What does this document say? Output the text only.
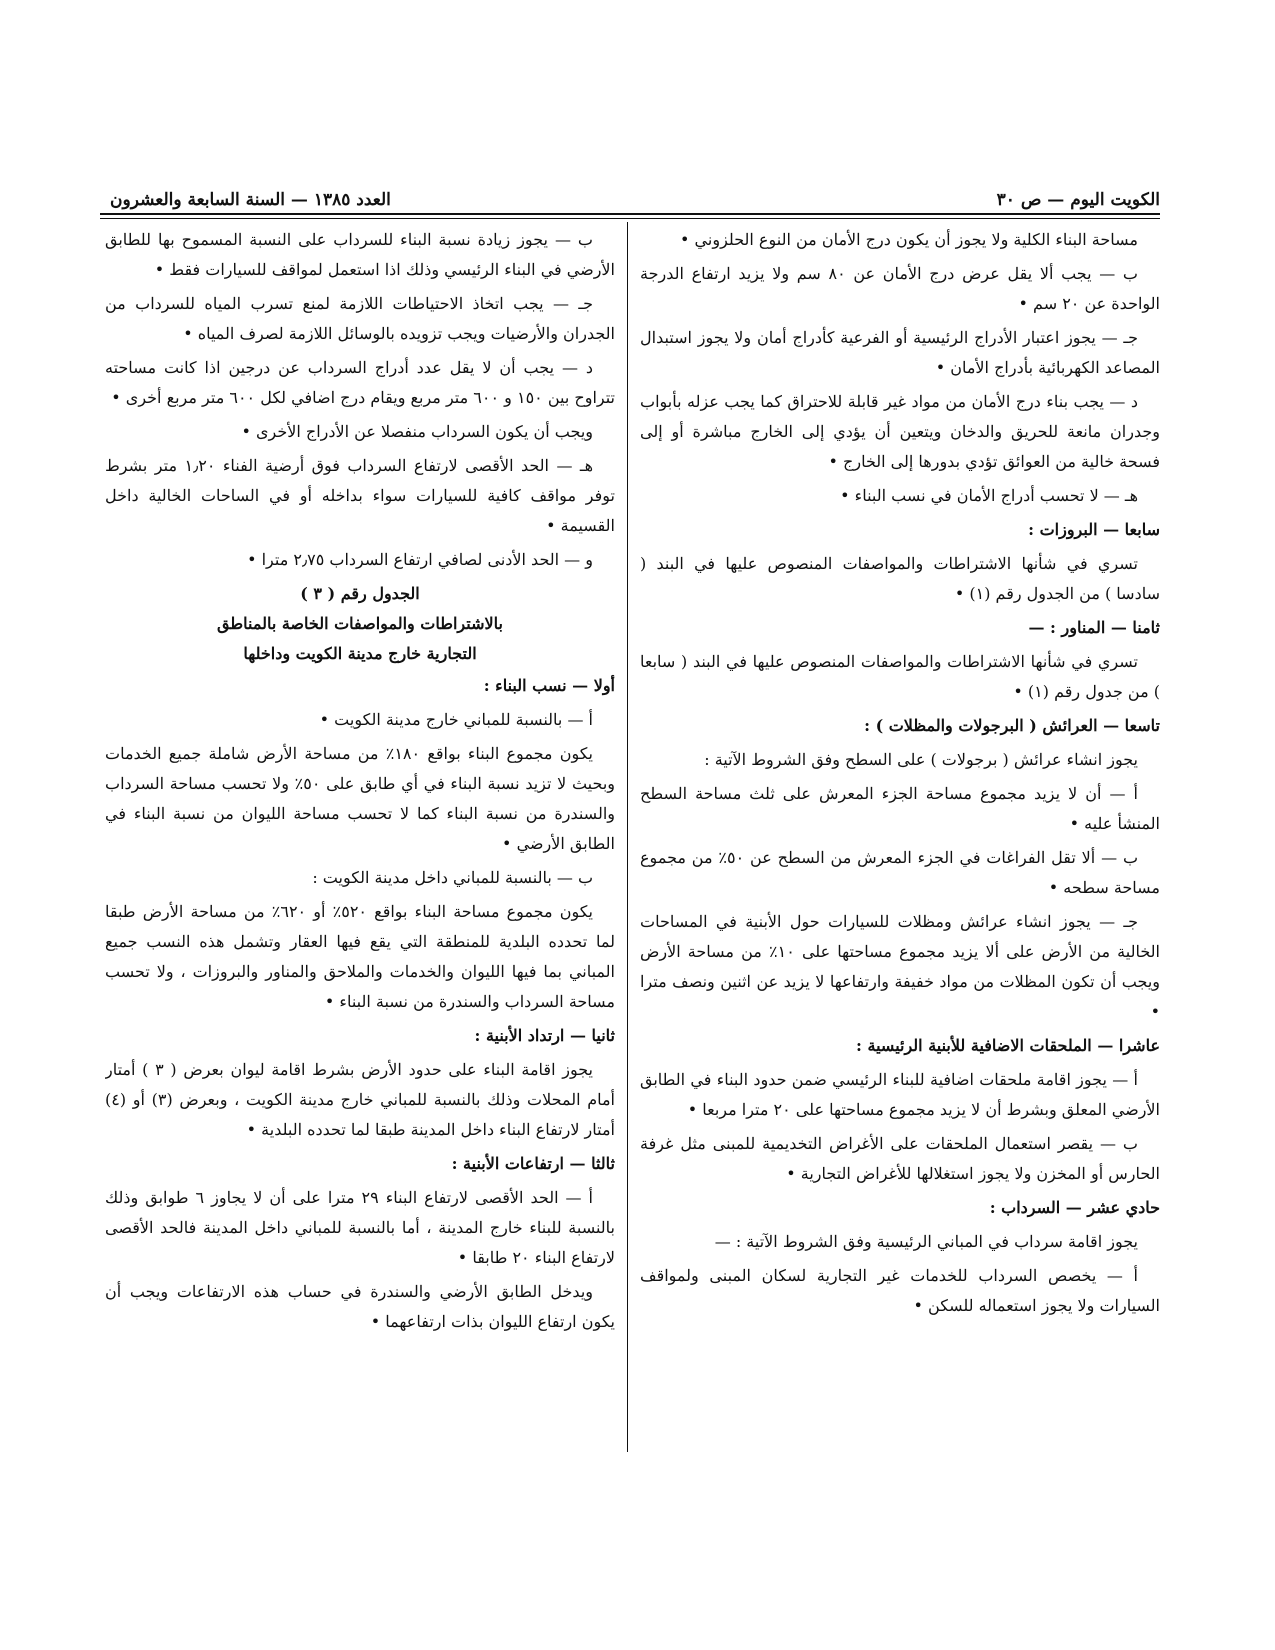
الكويت اليوم — ص ٣٠
العدد ١٣٨٥ — السنة السابعة والعشرون

مساحة البناء الكلية ولا يجوز أن يكون درج الأمان من النوع الحلزوني •

ب — يجب ألا يقل عرض درج الأمان عن ٨٠ سم ولا يزيد ارتفاع الدرجة الواحدة عن ٢٠ سم •

جـ — يجوز اعتبار الأدراج الرئيسية أو الفرعية كأدراج أمان ولا يجوز استبدال المصاعد الكهربائية بأدراج الأمان •

د — يجب بناء درج الأمان من مواد غير قابلة للاحتراق كما يجب عزله بأبواب وجدران مانعة للحريق والدخان ويتعين أن يؤدي إلى الخارج مباشرة أو إلى فسحة خالية من العوائق تؤدي بدورها إلى الخارج •

هـ — لا تحسب أدراج الأمان في نسب البناء •

سابعا — البروزات :

تسري في شأنها الاشتراطات والمواصفات المنصوص عليها في البند ( سادسا ) من الجدول رقم (١) •

ثامنا — المناور : —

تسري في شأنها الاشتراطات والمواصفات المنصوص عليها في البند ( سابعا ) من جدول رقم (١) •

تاسعا — العرائش ( البرجولات والمظلات ) :

يجوز انشاء عرائش ( برجولات ) على السطح وفق الشروط الآتية :

أ — أن لا يزيد مجموع مساحة الجزء المعرش على ثلث مساحة السطح المنشأ عليه •

ب — ألا تقل الفراغات في الجزء المعرش من السطح عن ٥٠٪ من مجموع مساحة سطحه •

جـ — يجوز انشاء عرائش ومظلات للسيارات حول الأبنية في المساحات الخالية من الأرض على ألا يزيد مجموع مساحتها على ١٠٪ من مساحة الأرض ويجب أن تكون المظلات من مواد خفيفة وارتفاعها لا يزيد عن اثنين ونصف مترا •

عاشرا — الملحقات الاضافية للأبنية الرئيسية :

أ — يجوز اقامة ملحقات اضافية للبناء الرئيسي ضمن حدود البناء في الطابق الأرضي المعلق وبشرط أن لا يزيد مجموع مساحتها على ٢٠ مترا مربعا •

ب — يقصر استعمال الملحقات على الأغراض التخديمية للمبنى مثل غرفة الحارس أو المخزن ولا يجوز استغلالها للأغراض التجارية •

حادي عشر — السرداب :

يجوز اقامة سرداب في المباني الرئيسية وفق الشروط الآتية : —

أ — يخصص السرداب للخدمات غير التجارية لسكان المبنى ولمواقف السيارات ولا يجوز استعماله للسكن •

ب — يجوز زيادة نسبة البناء للسرداب على النسبة المسموح بها للطابق الأرضي في البناء الرئيسي وذلك اذا استعمل لمواقف للسيارات فقط •

جـ — يجب اتخاذ الاحتياطات اللازمة لمنع تسرب المياه للسرداب من الجدران والأرضيات ويجب تزويده بالوسائل اللازمة لصرف المياه •

د — يجب أن لا يقل عدد أدراج السرداب عن درجين اذا كانت مساحته تتراوح بين ١٥٠ و ٦٠٠ متر مربع ويقام درج اضافي لكل ٦٠٠ متر مربع أخرى •

ويجب أن يكون السرداب منفصلا عن الأدراج الأخرى •

هـ — الحد الأقصى لارتفاع السرداب فوق أرضية الفناء ١٫٢٠ متر بشرط توفر مواقف كافية للسيارات سواء بداخله أو في الساحات الخالية داخل القسيمة •

و — الحد الأدنى لصافي ارتفاع السرداب ٢٫٧٥ مترا •

الجدول رقم ( ٣ )

بالاشتراطات والمواصفات الخاصة بالمناطق

التجارية خارج مدينة الكويت وداخلها

أولا — نسب البناء :

أ — بالنسبة للمباني خارج مدينة الكويت •

يكون مجموع البناء بواقع ١٨٠٪ من مساحة الأرض شاملة جميع الخدمات وبحيث لا تزيد نسبة البناء في أي طابق على ٥٠٪ ولا تحسب مساحة السرداب والسندرة من نسبة البناء كما لا تحسب مساحة الليوان من نسبة البناء في الطابق الأرضي •

ب — بالنسبة للمباني داخل مدينة الكويت :

يكون مجموع مساحة البناء بواقع ٥٢٠٪ أو ٦٢٠٪ من مساحة الأرض طبقا لما تحدده البلدية للمنطقة التي يقع فيها العقار وتشمل هذه النسب جميع المباني بما فيها الليوان والخدمات والملاحق والمناور والبروزات ، ولا تحسب مساحة السرداب والسندرة من نسبة البناء •

ثانيا — ارتداد الأبنية :

يجوز اقامة البناء على حدود الأرض بشرط اقامة ليوان بعرض ( ٣ ) أمتار أمام المحلات وذلك بالنسبة للمباني خارج مدينة الكويت ، وبعرض (٣) أو (٤) أمتار لارتفاع البناء داخل المدينة طبقا لما تحدده البلدية •

ثالثا — ارتفاعات الأبنية :

أ — الحد الأقصى لارتفاع البناء ٢٩ مترا على أن لا يجاوز ٦ طوابق وذلك بالنسبة للبناء خارج المدينة ، أما بالنسبة للمباني داخل المدينة فالحد الأقصى لارتفاع البناء ٢٠ طابقا •

ويدخل الطابق الأرضي والسندرة في حساب هذه الارتفاعات ويجب أن يكون ارتفاع الليوان بذات ارتفاعهما •
